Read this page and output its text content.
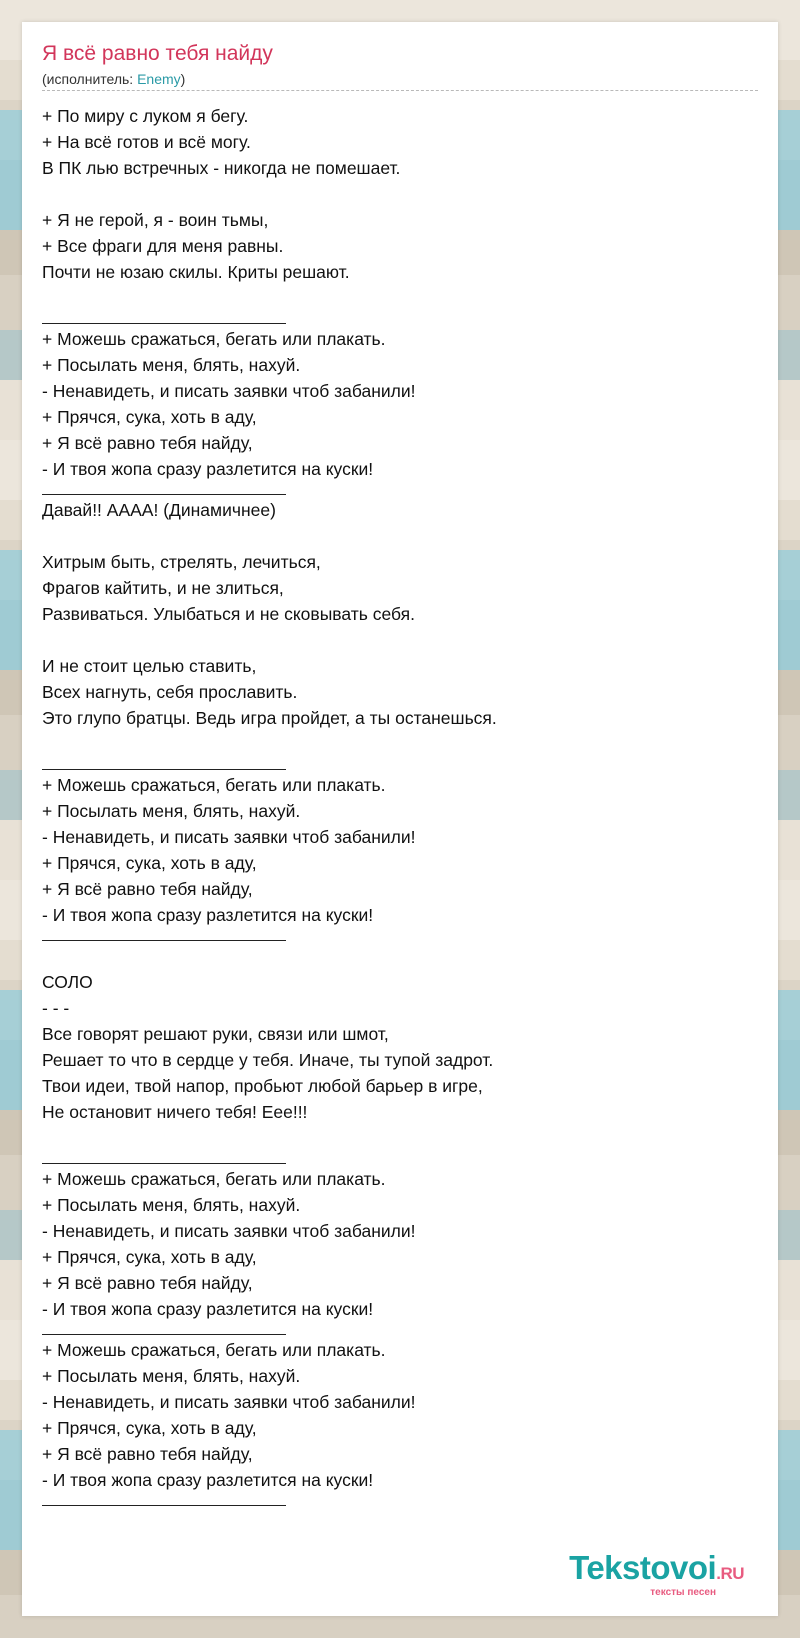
Я всё равно тебя найду
(исполнитель: Enemy)
+ По миру с луком я бегу.
+ На всё готов и всё могу.
В ПК лью встречных - никогда не помешает.
+ Я не герой, я - воин тьмы,
+ Все фраги для меня равны.
Почти не юзаю скилы. Криты решают.
+ Можешь сражаться, бегать или плакать.
+ Посылать меня, блять, нахуй.
- Ненавидеть, и писать заявки чтоб забанили!
+ Прячся, сука, хоть в аду,
+ Я всё равно тебя найду,
- И твоя жопа сразу разлетится на куски!
Давай!! АААА! (Динамичнее)
Хитрым быть, стрелять, лечиться,
Фрагов кайтить, и не злиться,
Развиваться. Улыбаться и не сковывать себя.
И не стоит целью ставить,
Всех нагнуть, себя прославить.
Это глупо братцы. Ведь игра пройдет, а ты останешься.
+ Можешь сражаться, бегать или плакать.
+ Посылать меня, блять, нахуй.
- Ненавидеть, и писать заявки чтоб забанили!
+ Прячся, сука, хоть в аду,
+ Я всё равно тебя найду,
- И твоя жопа сразу разлетится на куски!
СОЛО
- - -
Все говорят решают руки, связи или шмот,
Решает то что в сердце у тебя. Иначе, ты тупой задрот.
Твои идеи, твой напор, пробьют любой барьер в игре,
Не остановит ничего тебя! Еее!!!
+ Можешь сражаться, бегать или плакать.
+ Посылать меня, блять, нахуй.
- Ненавидеть, и писать заявки чтоб забанили!
+ Прячся, сука, хоть в аду,
+ Я всё равно тебя найду,
- И твоя жопа сразу разлетится на куски!
+ Можешь сражаться, бегать или плакать.
+ Посылать меня, блять, нахуй.
- Ненавидеть, и писать заявки чтоб забанили!
+ Прячся, сука, хоть в аду,
+ Я всё равно тебя найду,
- И твоя жопа сразу разлетится на куски!
Tekstovoi.RU
тексты песен
